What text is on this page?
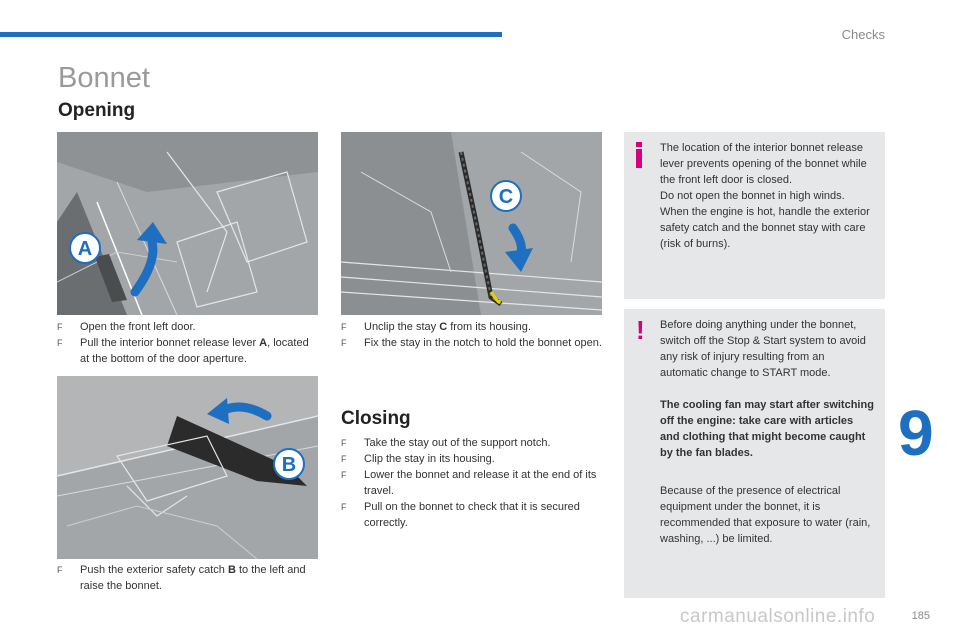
Checks
Bonnet
Opening
A
C

The location of the interior bonnet release lever prevents opening of the bonnet while the front left door is closed.

Do not open the bonnet in high winds. When the engine is hot, handle the exterior safety catch and the bonnet stay with care (risk of burns).

F Open the front left door.
F Pull the interior bonnet release lever A, located at the bottom of the door aperture.
F Unclip the stay C from its housing.
F Fix the stay in the notch to hold the bonnet open. ! Before doing anything under the bonnet, switch off the Stop & Start system to avoid any risk of injury resulting from an automatic change to START mode.

The cooling fan may start after switching off the engine: take care with articles and clothing that might become caught by the fan blades.

Because of the presence of electrical equipment under the bonnet, it is recommended that exposure to water (rain, washing, ...) be limited.

B
Closing
F Take the stay out of the support notch.
F Clip the stay in its housing.
F Lower the bonnet and release it at the end of its travel.
F Pull on the bonnet to check that it is secured correctly.
F Push the exterior safety catch B to the left and raise the bonnet.
9
carmanualsonline.info	185
